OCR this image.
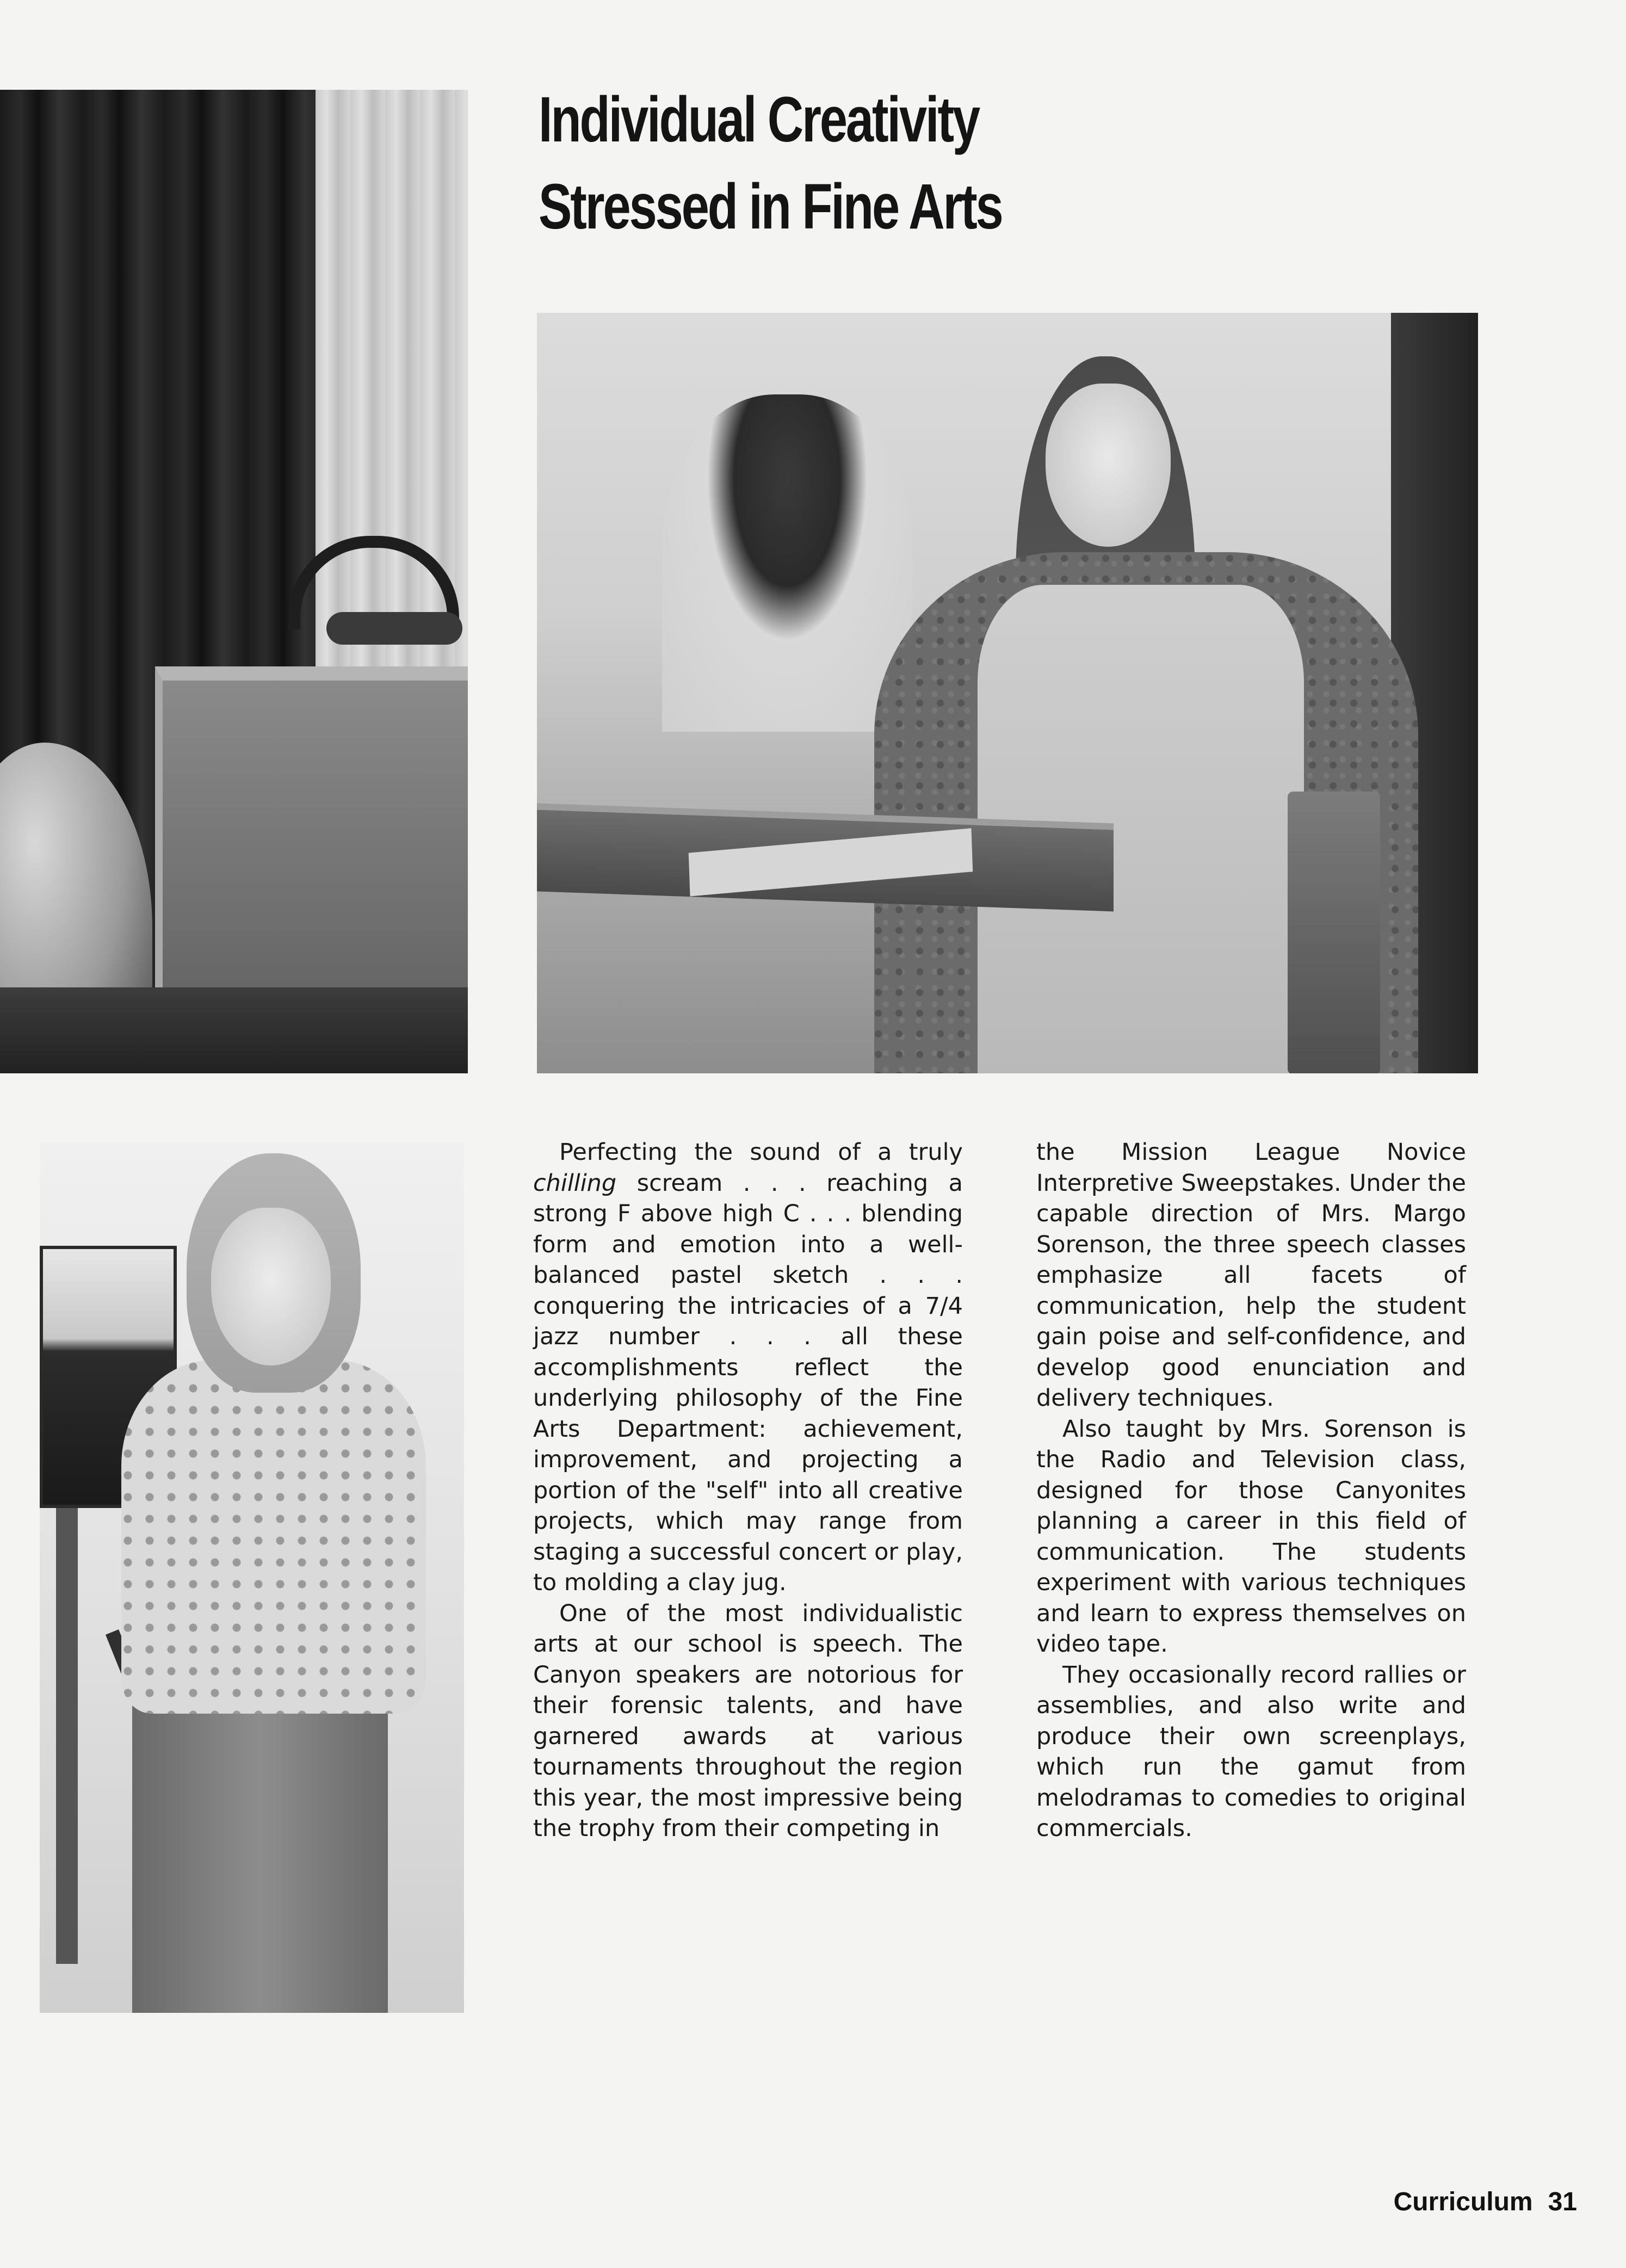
Individual Creativity
Stressed in Fine Arts

Perfecting the sound of a truly chilling scream . . . reaching a strong F above high C . . . blending form and emotion into a well-balanced pastel sketch . . . conquering the intricacies of a 7/4 jazz number . . . all these accomplishments reflect the underlying philosophy of the Fine Arts Department: achievement, improvement, and projecting a portion of the "self" into all creative projects, which may range from staging a successful concert or play, to molding a clay jug.

One of the most individualistic arts at our school is speech. The Canyon speakers are notorious for their forensic talents, and have garnered awards at various tournaments throughout the region this year, the most impressive being the trophy from their competing in

the Mission League Novice Interpretive Sweepstakes. Under the capable direction of Mrs. Margo Sorenson, the three speech classes emphasize all facets of communication, help the student gain poise and self-confidence, and develop good enunciation and delivery techniques.

Also taught by Mrs. Sorenson is the Radio and Television class, designed for those Canyonites planning a career in this field of communication. The students experiment with various techniques and learn to express themselves on video tape.

They occasionally record rallies or assemblies, and also write and produce their own screenplays, which run the gamut from melodramas to comedies to original commercials.

Curriculum 31
